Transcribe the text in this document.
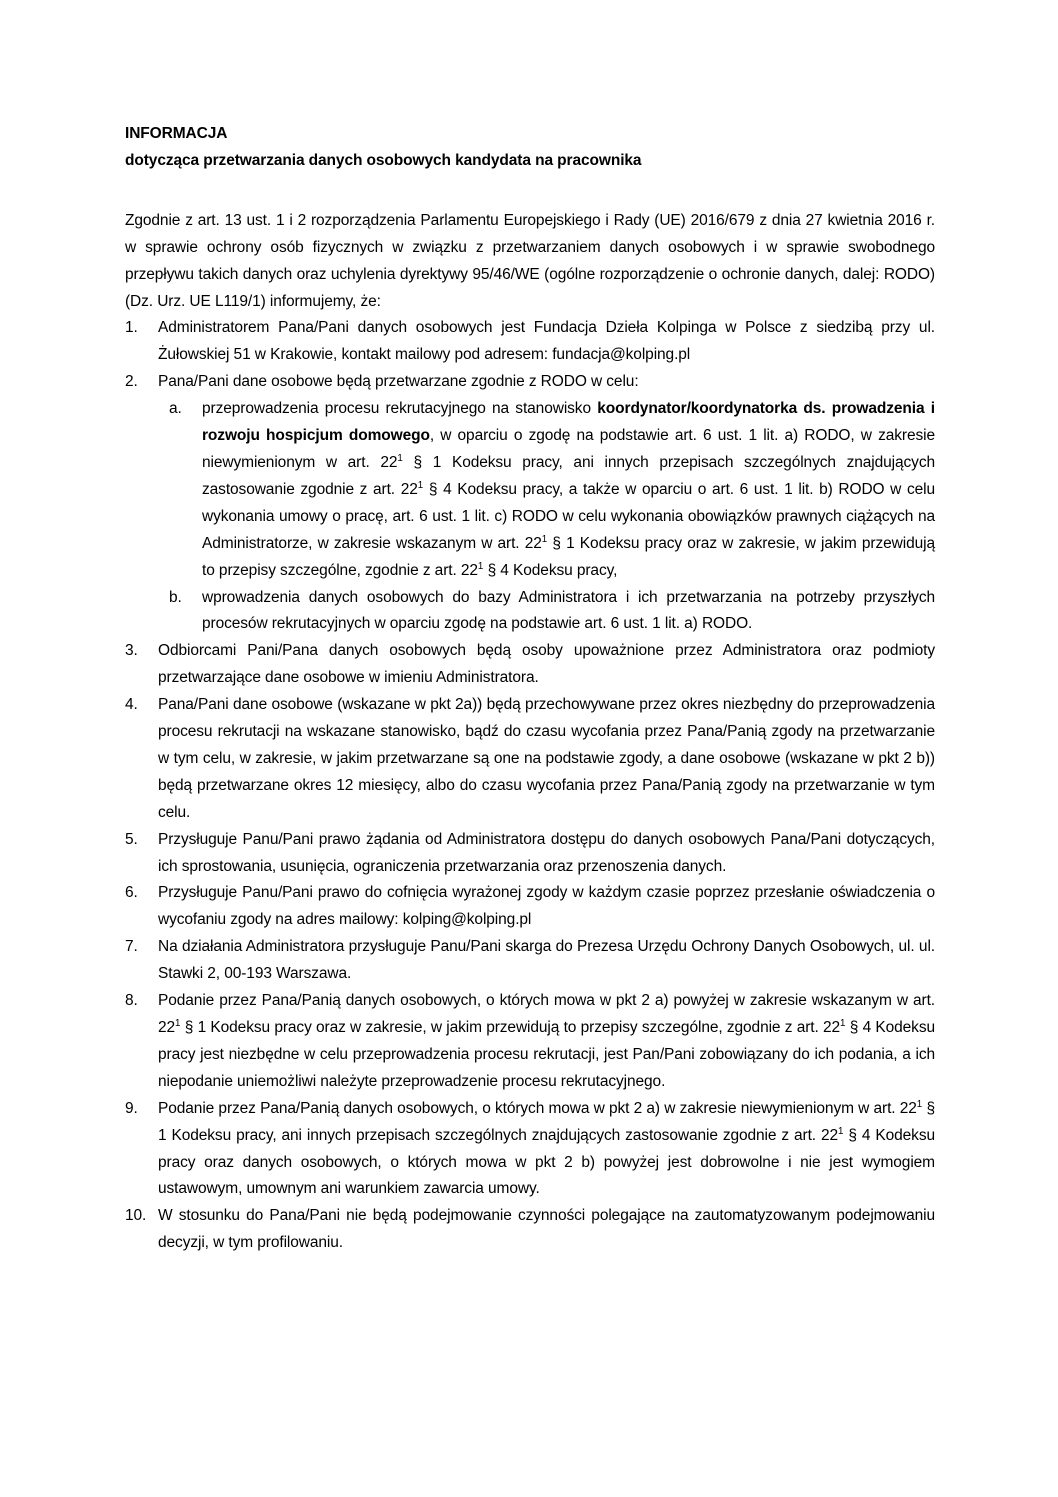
INFORMACJA
dotycząca przetwarzania danych osobowych kandydata na pracownika

Zgodnie z art. 13 ust. 1 i 2 rozporządzenia Parlamentu Europejskiego i Rady (UE) 2016/679 z dnia 27 kwietnia 2016 r. w sprawie ochrony osób fizycznych w związku z przetwarzaniem danych osobowych i w sprawie swobodnego przepływu takich danych oraz uchylenia dyrektywy 95/46/WE (ogólne rozporządzenie o ochronie danych, dalej: RODO) (Dz. Urz. UE L119/1) informujemy, że:

1. Administratorem Pana/Pani danych osobowych jest Fundacja Dzieła Kolpinga w Polsce z siedzibą przy ul. Żułowskiej 51 w Krakowie, kontakt mailowy pod adresem: fundacja@kolping.pl
2. Pana/Pani dane osobowe będą przetwarzane zgodnie z RODO w celu:
a. przeprowadzenia procesu rekrutacyjnego na stanowisko koordynator/koordynatorka ds. prowadzenia i rozwoju hospicjum domowego, w oparciu o zgodę na podstawie art. 6 ust. 1 lit. a) RODO, w zakresie niewymienionym w art. $22^1$ § 1 Kodeksu pracy, ani innych przepisach szczególnych znajdujących zastosowanie zgodnie z art. $22^1$ § 4 Kodeksu pracy, a także w oparciu o art. 6 ust. 1 lit. b) RODO w celu wykonania umowy o pracę, art. 6 ust. 1 lit. c) RODO w celu wykonania obowiązków prawnych ciążących na Administratorze, w zakresie wskazanym w art. $22^1$ § 1 Kodeksu pracy oraz w zakresie, w jakim przewidują to przepisy szczególne, zgodnie z art. $22^1$ § 4 Kodeksu pracy,
b. wprowadzenia danych osobowych do bazy Administratora i ich przetwarzania na potrzeby przyszłych procesów rekrutacyjnych w oparciu zgodę na podstawie art. 6 ust. 1 lit. a) RODO.
3. Odbiorcami Pani/Pana danych osobowych będą osoby upoważnione przez Administratora oraz podmioty przetwarzające dane osobowe w imieniu Administratora.
4. Pana/Pani dane osobowe (wskazane w pkt 2a)) będą przechowywane przez okres niezbędny do przeprowadzenia procesu rekrutacji na wskazane stanowisko, bądź do czasu wycofania przez Pana/Panią zgody na przetwarzanie w tym celu, w zakresie, w jakim przetwarzane są one na podstawie zgody, a dane osobowe (wskazane w pkt 2 b)) będą przetwarzane okres 12 miesięcy, albo do czasu wycofania przez Pana/Panią zgody na przetwarzanie w tym celu.
5. Przysługuje Panu/Pani prawo żądania od Administratora dostępu do danych osobowych Pana/Pani dotyczących, ich sprostowania, usunięcia, ograniczenia przetwarzania oraz przenoszenia danych.
6. Przysługuje Panu/Pani prawo do cofnięcia wyrażonej zgody w każdym czasie poprzez przesłanie oświadczenia o wycofaniu zgody na adres mailowy: kolping@kolping.pl
7. Na działania Administratora przysługuje Panu/Pani skarga do Prezesa Urzędu Ochrony Danych Osobowych, ul. ul. Stawki 2, 00-193 Warszawa.
8. Podanie przez Pana/Panią danych osobowych, o których mowa w pkt 2 a) powyżej w zakresie wskazanym w art. $22^1$ § 1 Kodeksu pracy oraz w zakresie, w jakim przewidują to przepisy szczególne, zgodnie z art. $22^1$ § 4 Kodeksu pracy jest niezbędne w celu przeprowadzenia procesu rekrutacji, jest Pan/Pani zobowiązany do ich podania, a ich niepodanie uniemożliwi należyte przeprowadzenie procesu rekrutacyjnego.
9. Podanie przez Pana/Panią danych osobowych, o których mowa w pkt 2 a) w zakresie niewymienionym w art. $22^1$ § 1 Kodeksu pracy, ani innych przepisach szczególnych znajdujących zastosowanie zgodnie z art. $22^1$ § 4 Kodeksu pracy oraz danych osobowych, o których mowa w pkt 2 b) powyżej jest dobrowolne i nie jest wymogiem ustawowym, umownym ani warunkiem zawarcia umowy.
10. W stosunku do Pana/Pani nie będą podejmowanie czynności polegające na zautomatyzowanym podejmowaniu decyzji, w tym profilowaniu.
